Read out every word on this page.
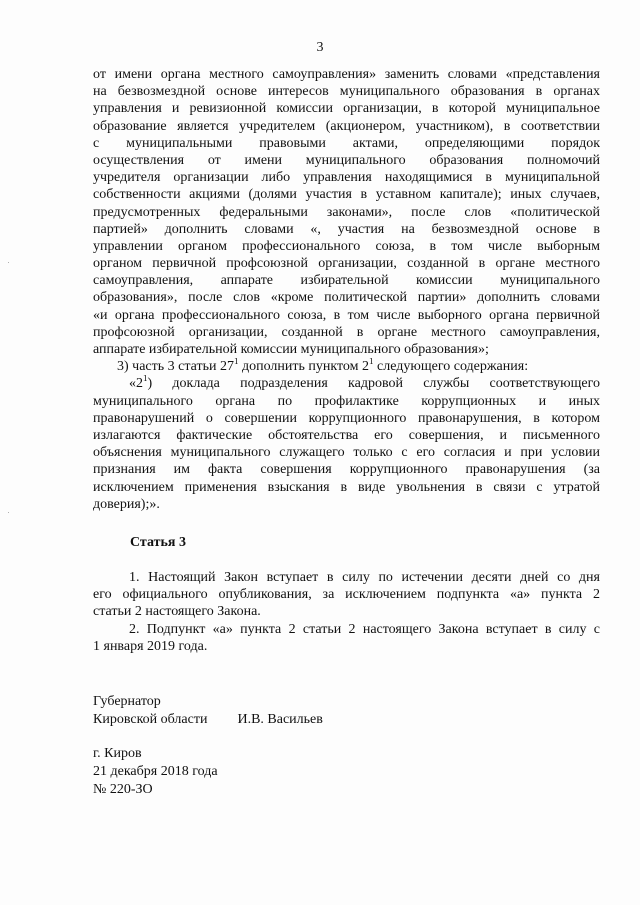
3
от имени органа местного самоуправления» заменить словами «представления
на безвозмездной основе интересов муниципального образования в органах
управления и ревизионной комиссии организации, в которой муниципальное
образование является учредителем (акционером, участником), в соответствии
с муниципальными правовыми актами, определяющими порядок
осуществления от имени муниципального образования полномочий
учредителя организации либо управления находящимися в муниципальной
собственности акциями (долями участия в уставном капитале); иных случаев,
предусмотренных федеральными законами», после слов «политической
партией» дополнить словами «, участия на безвозмездной основе в
управлении органом профессионального союза, в том числе выборным
органом первичной профсоюзной организации, созданной в органе местного
самоуправления, аппарате избирательной комиссии муниципального
образования», после слов «кроме политической партии» дополнить словами
«и органа профессионального союза, в том числе выборного органа первичной
профсоюзной организации, созданной в органе местного самоуправления,
аппарате избирательной комиссии муниципального образования»;
3) часть 3 статьи $27^1$ дополнить пунктом $2^1$ следующего содержания:
«$2^1$) доклада подразделения кадровой службы соответствующего
муниципального органа по профилактике коррупционных и иных
правонарушений о совершении коррупционного правонарушения, в котором
излагаются фактические обстоятельства его совершения, и письменного
объяснения муниципального служащего только с его согласия и при условии
признания им факта совершения коррупционного правонарушения (за
исключением применения взыскания в виде увольнения в связи с утратой
доверия);».
Статья 3
1. Настоящий Закон вступает в силу по истечении десяти дней со дня
его официального опубликования, за исключением подпункта «а» пункта 2
статьи 2 настоящего Закона.
2. Подпункт «а» пункта 2 статьи 2 настоящего Закона вступает в силу с
1 января 2019 года.
Губернатор
Кировской области И.В. Васильев
г. Киров
21 декабря 2018 года
№ 220-ЗО
